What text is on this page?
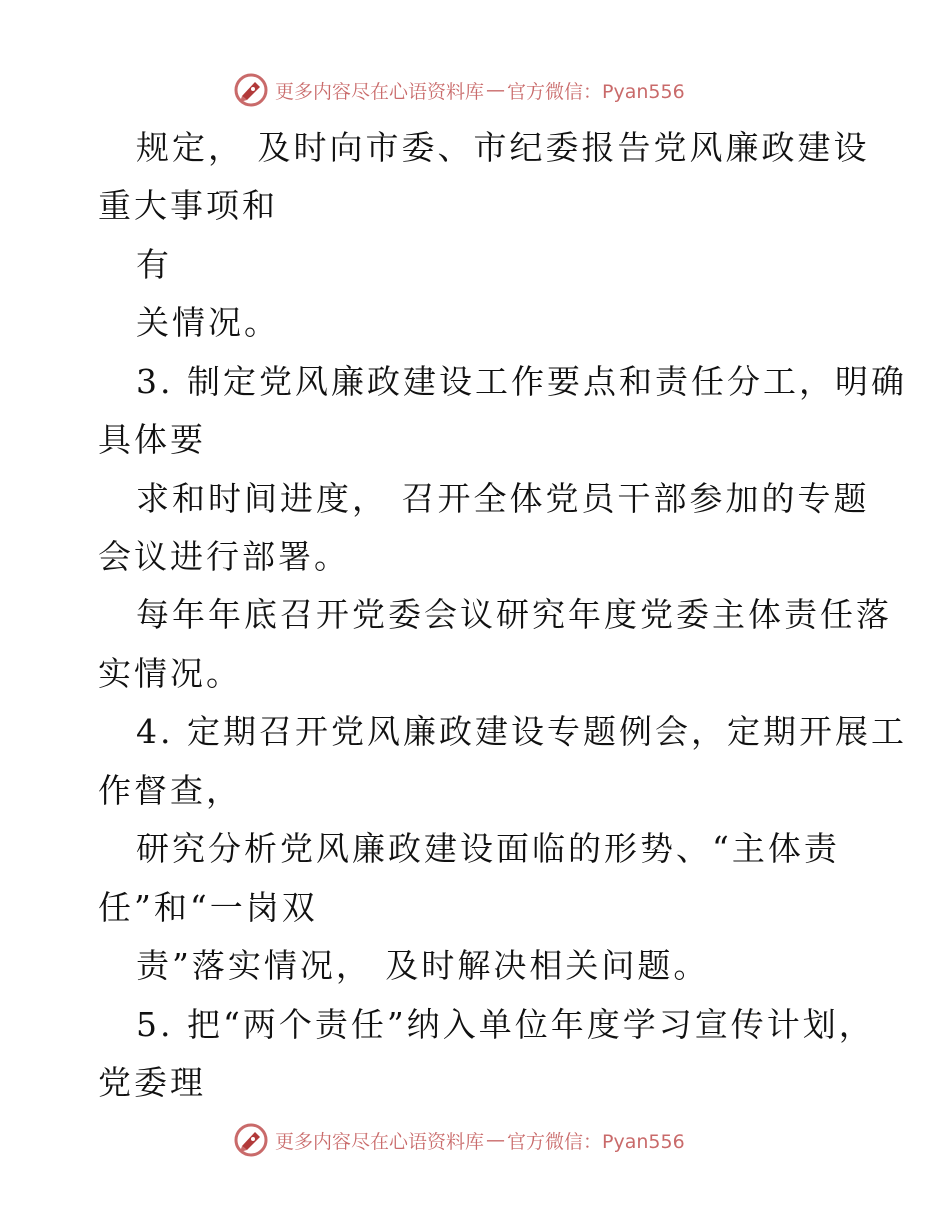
更多内容尽在心语资料库 — 官方微信：Pyan556
规定， 及时向市委、市纪委报告党风廉政建设
重大事项和
有
关情况。
3. 制定党风廉政建设工作要点和责任分工，明确
具体要
求和时间进度， 召开全体党员干部参加的专题
会议进行部署。
每年年底召开党委会议研究年度党委主体责任落
实情况。
4. 定期召开党风廉政建设专题例会，定期开展工
作督查，
研究分析党风廉政建设面临的形势、“主体责
任”和“一岗双
责”落实情况， 及时解决相关问题。
5. 把“两个责任”纳入单位年度学习宣传计划，
党委理
更多内容尽在心语资料库 — 官方微信：Pyan556
